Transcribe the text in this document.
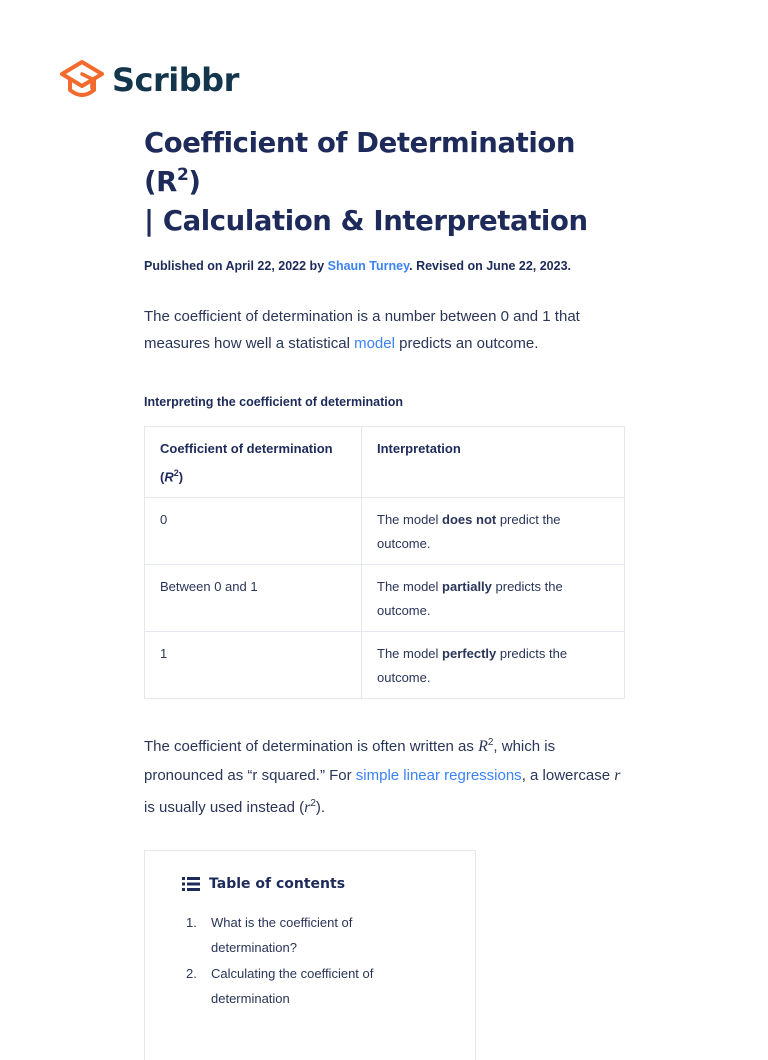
Scribbr
Coefficient of Determination $(R^2)$
| Calculation & Interpretation
Published on April 22, 2022 by Shaun Turney. Revised on June 22, 2023.

The coefficient of determination is a number between 0 and 1 that measures how well a statistical model predicts an outcome.

Interpreting the coefficient of determination
Coefficient of determination $(R^2)$	Interpretation
0	The model does not predict the outcome.
Between 0 and 1	The model partially predicts the outcome.
1	The model perfectly predicts the outcome.

The coefficient of determination is often written as $R^2$, which is pronounced as “r squared.” For simple linear regressions, a lowercase r is usually used instead $(r^2)$.

Table of contents
1.	What is the coefficient of determination?
2.	Calculating the coefficient of determination
